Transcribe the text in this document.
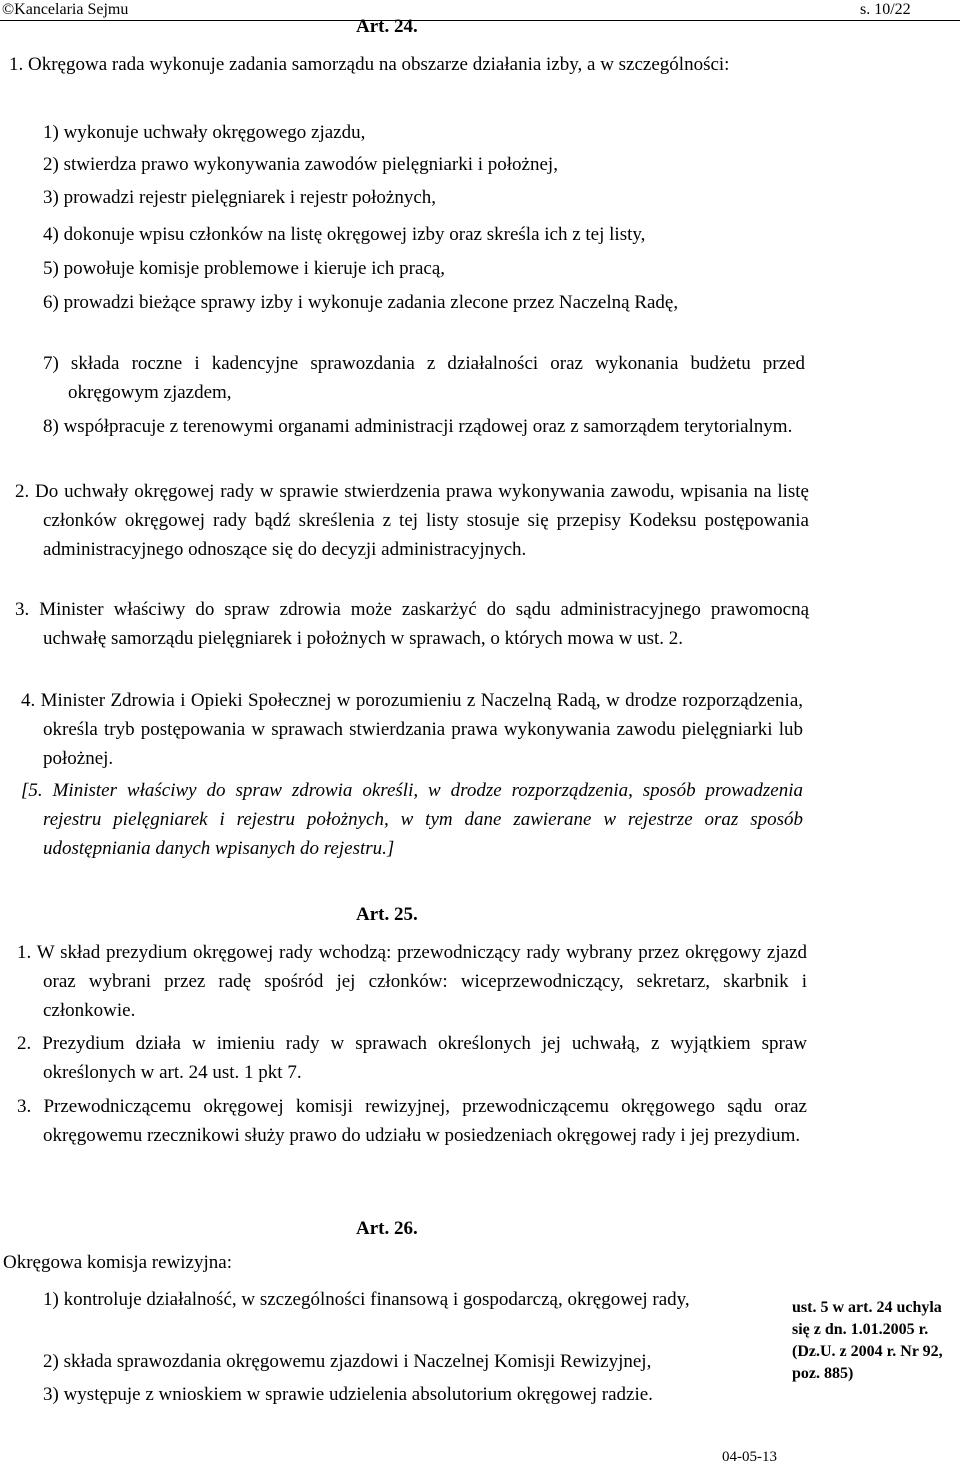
©Kancelaria Sejmu	s. 10/22
Art. 24.

1. Okręgowa rada wykonuje zadania samorządu na obszarze działania izby, a w szczególności:

1) wykonuje uchwały okręgowego zjazdu,

2) stwierdza prawo wykonywania zawodów pielęgniarki i położnej,

3) prowadzi rejestr pielęgniarek i rejestr położnych,

4) dokonuje wpisu członków na listę okręgowej izby oraz skreśla ich z tej listy,

5) powołuje komisje problemowe i kieruje ich pracą,

6) prowadzi bieżące sprawy izby i wykonuje zadania zlecone przez Naczelną Radę,

7) składa roczne i kadencyjne sprawozdania z działalności oraz wykonania budżetu przed okręgowym zjazdem,

8) współpracuje z terenowymi organami administracji rządowej oraz z samorządem terytorialnym.

2. Do uchwały okręgowej rady w sprawie stwierdzenia prawa wykonywania zawodu, wpisania na listę członków okręgowej rady bądź skreślenia z tej listy stosuje się przepisy Kodeksu postępowania administracyjnego odnoszące się do decyzji administracyjnych.

3. Minister właściwy do spraw zdrowia może zaskarżyć do sądu administracyjnego prawomocną uchwałę samorządu pielęgniarek i położnych w sprawach, o których mowa w ust. 2.

4. Minister Zdrowia i Opieki Społecznej w porozumieniu z Naczelną Radą, w drodze rozporządzenia, określa tryb postępowania w sprawach stwierdzania prawa wykonywania zawodu pielęgniarki lub położnej.

[5. Minister właściwy do spraw zdrowia określi, w drodze rozporządzenia, sposób prowadzenia rejestru pielęgniarek i rejestru położnych, w tym dane zawierane w rejestrze oraz sposób udostępniania danych wpisanych do rejestru.]

Art. 25.

1. W skład prezydium okręgowej rady wchodzą: przewodniczący rady wybrany przez okręgowy zjazd oraz wybrani przez radę spośród jej członków: wiceprzewodniczący, sekretarz, skarbnik i członkowie.

2. Prezydium działa w imieniu rady w sprawach określonych jej uchwałą, z wyjątkiem spraw określonych w art. 24 ust. 1 pkt 7.

3. Przewodniczącemu okręgowej komisji rewizyjnej, przewodniczącemu okręgowego sądu oraz okręgowemu rzecznikowi służy prawo do udziału w posiedzeniach okręgowej rady i jej prezydium.

Art. 26.

Okręgowa komisja rewizyjna:

1) kontroluje działalność, w szczególności finansową i gospodarczą, okręgowej rady,

2) składa sprawozdania okręgowemu zjazdowi i Naczelnej Komisji Rewizyjnej,

3) występuje z wnioskiem w sprawie udzielenia absolutorium okręgowej radzie.

ust. 5 w art. 24 uchyla się z dn. 1.01.2005 r. (Dz.U. z 2004 r. Nr 92, poz. 885)
04-05-13
